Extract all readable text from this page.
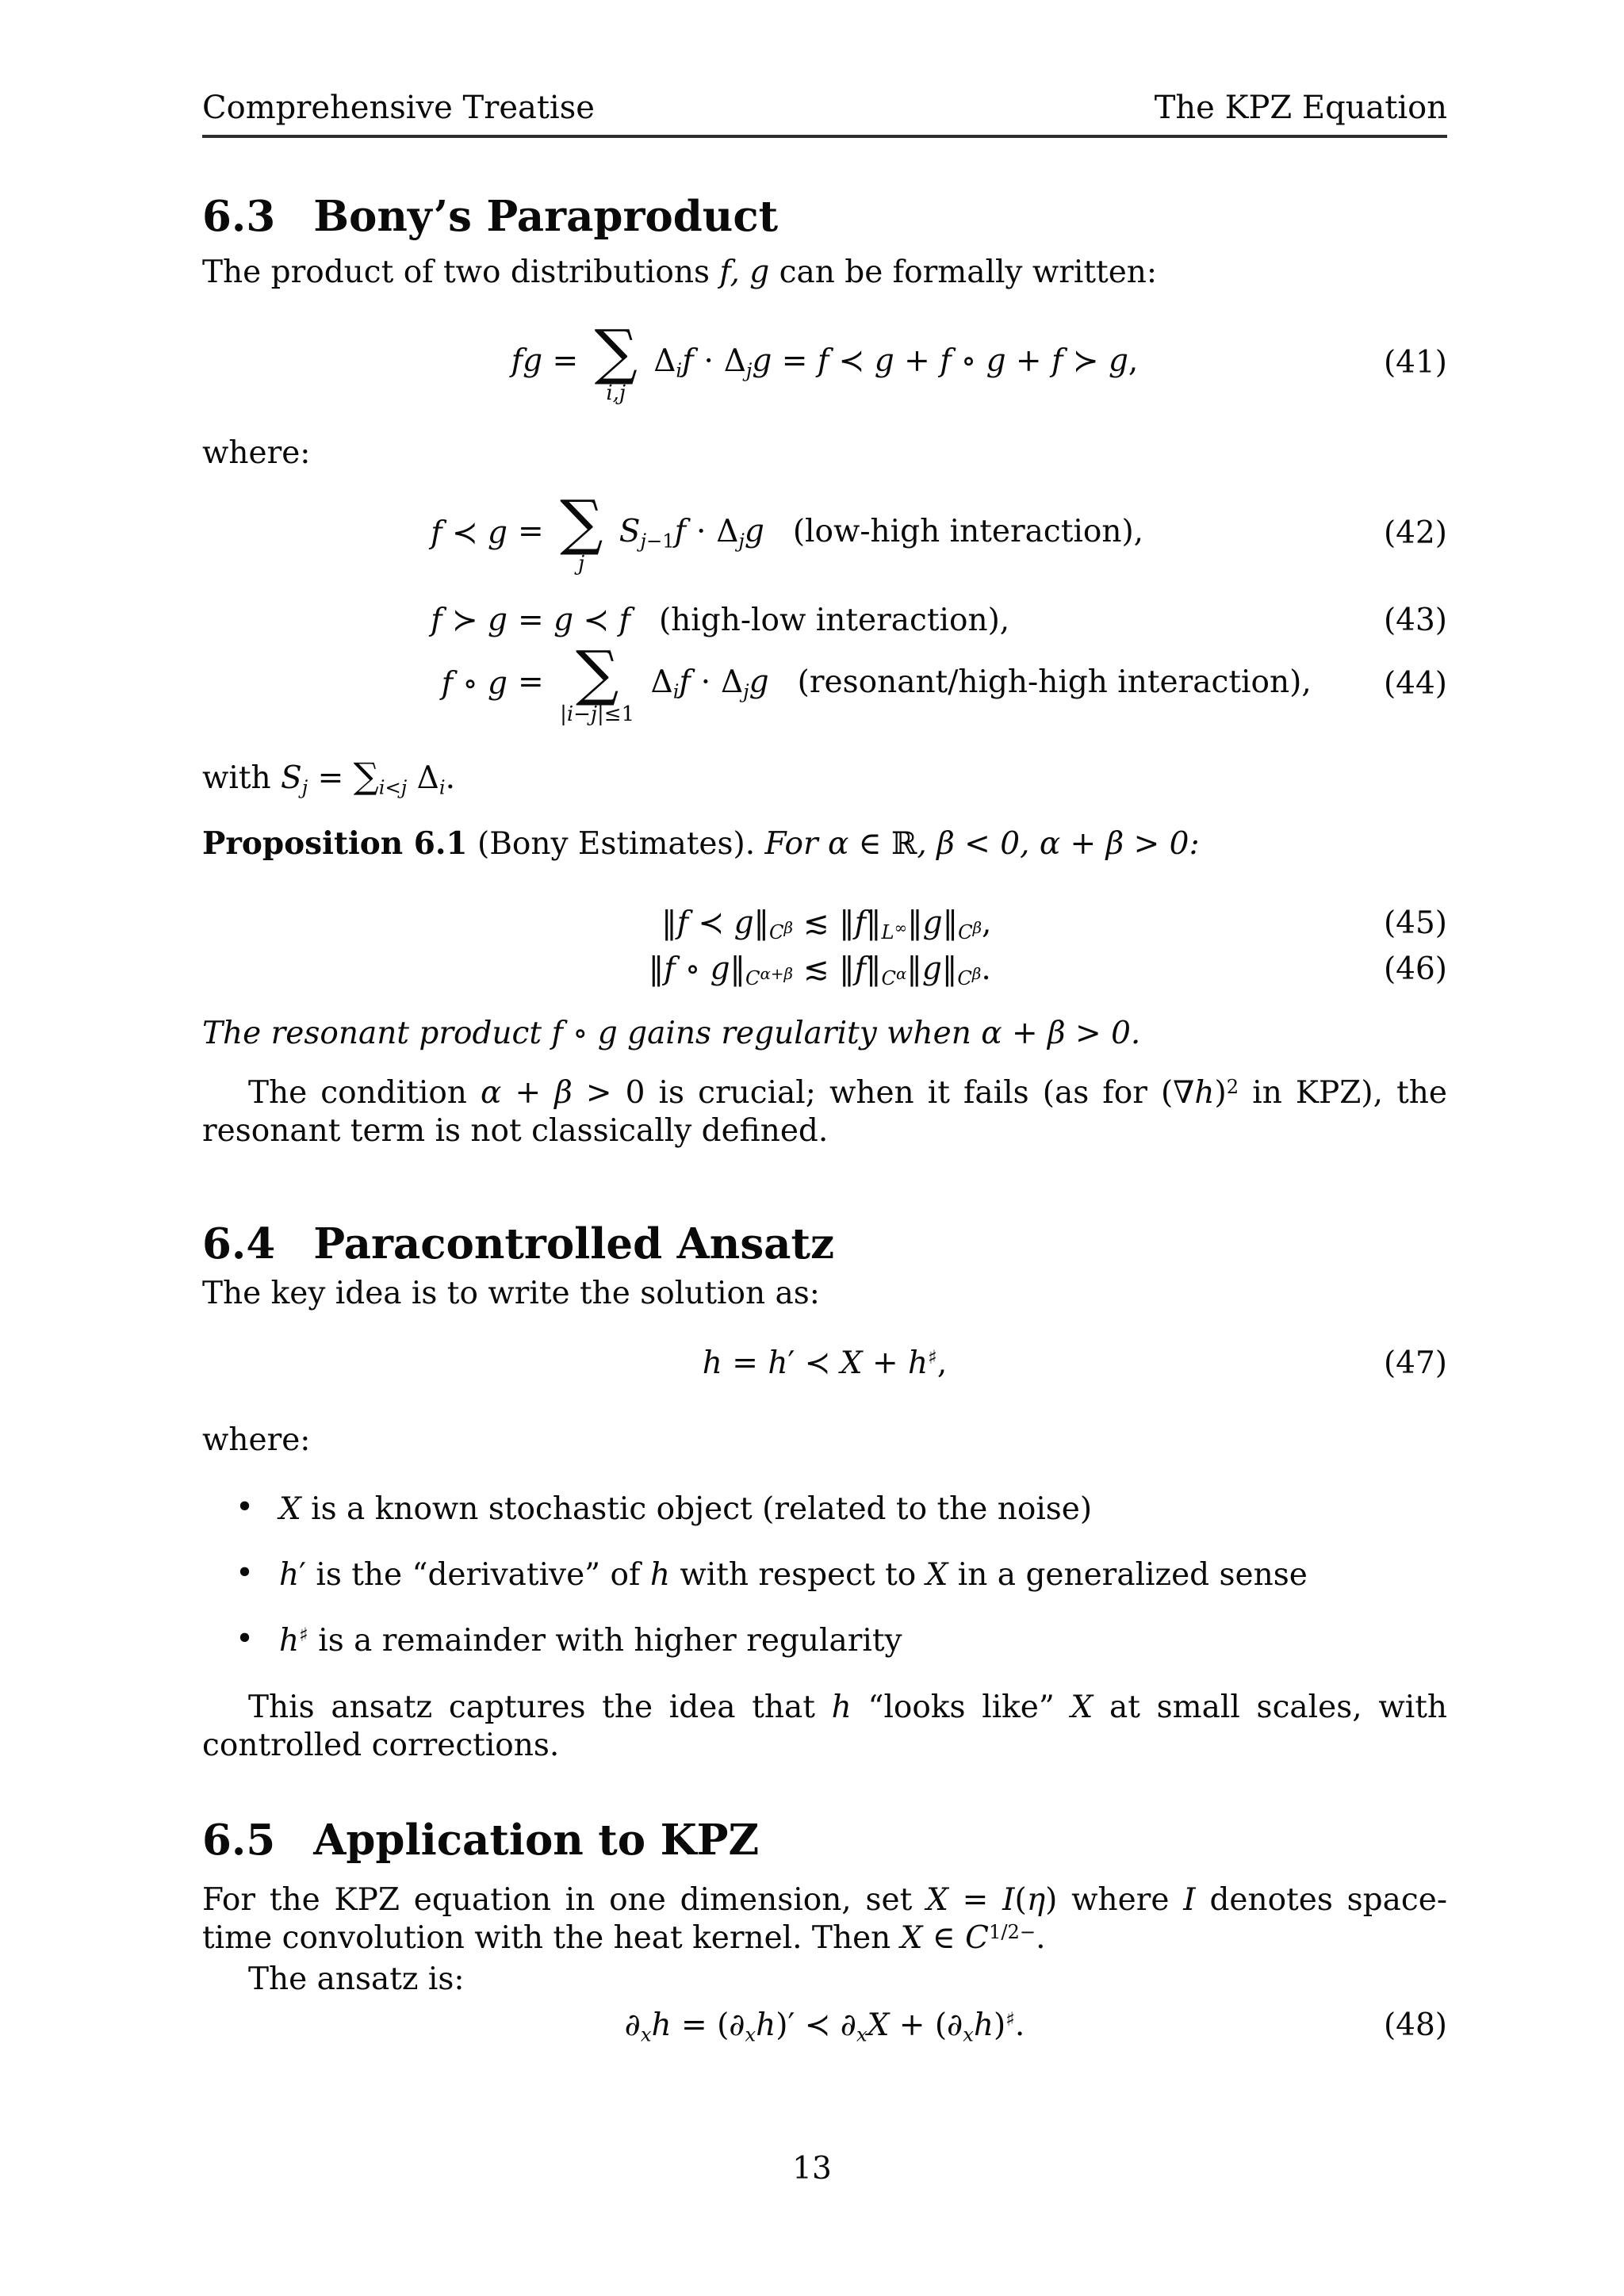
Comprehensive Treatise	The KPZ Equation
6.3 Bony’s Paraproduct
The product of two distributions f, g can be formally written:
fg = ∑
i,j
$\Delta_if \cdot \Delta_jg = f$ ≺ g + f ∘ g + f ≻ g,	(41)
where:
f ≺ g = ∑
j
$S_{j-1}f \cdot \Delta_jg$ (low-high interaction),	(42)
f ≻ g = g ≺ f (high-low interaction),	(43)
f ∘ g = ∑
|i−j|≤1
$\Delta_if \cdot \Delta_jg$ (resonant/high-high interaction),	(44)
with $S_j = \sum_{i<j}$ $\Delta_i$.
Proposition 6.1 (Bony Estimates). For α ∈ ℝ, β < 0, α + β > 0:
‖f ≺ $g‖_{C^\beta}$ ≲ $‖f‖_{L^\infty}‖g‖_{C^\beta}$,	(45)
‖f ∘ $g‖_{C^{\alpha+\beta}}$ ≲ $‖f‖_{C^\alpha}‖g‖_{C^\beta}$.	(46)
The resonant product f ∘ g gains regularity when α + β > 0.
The condition α + β > 0 is crucial; when it fails (as for $(\nabla h)^2$ in KPZ), the resonant term is not classically defined.
6.4 Paracontrolled Ansatz
The key idea is to write the solution as:
h = h′ ≺ X + h♯,	(47)
where:
• X is a known stochastic object (related to the noise)
• h′ is the “derivative” of h with respect to X in a generalized sense
• h♯ is a remainder with higher regularity
This ansatz captures the idea that h “looks like” X at small scales, with controlled corrections.
6.5 Application to KPZ
For the KPZ equation in one dimension, set X = I(η) where I denotes space-time convolution with the heat kernel. Then X ∈ $C^{1/2-}$.
The ansatz is:
$\partial_xh = (\partial_xh)'$ ≺ $\partial_xX + (\partial_xh)^♯$.	(48)
13
